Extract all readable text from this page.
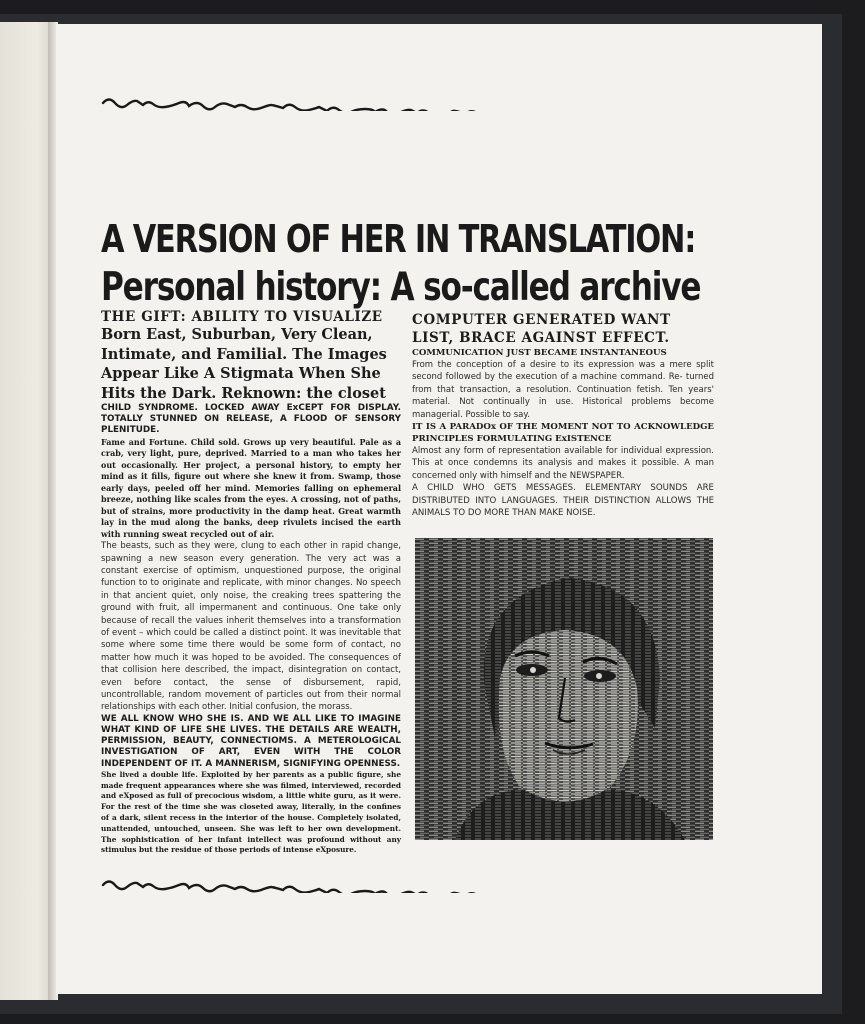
A VERSION OF HER IN TRANSLATION:
Personal history: A so-called archive

THE GIFT: ABILITY TO VISUALIZE

Born East, Suburban, Very Clean, Intimate, and Familial. The Images Appear Like A Stigmata When She Hits the Dark. Reknown: the closet

CHILD SYNDROME. LOCKED AWAY ExCEPT FOR DISPLAY. TOTALLY STUNNED ON RELEASE, A FLOOD OF SENSORY PLENITUDE.

Fame and Fortune. Child sold. Grows up very beautiful. Pale as a crab, very light, pure, deprived. Married to a man who takes her out occasionally. Her project, a personal history, to empty her mind as it fills, figure out where she knew it from. Swamp, those early days, peeled off her mind. Memories falling on ephemeral breeze, nothing like scales from the eyes. A crossing, not of paths, but of strains, more productivity in the damp heat. Great warmth lay in the mud along the banks, deep rivulets incised the earth with running sweat recycled out of air.

The beasts, such as they were, clung to each other in rapid change, spawning a new season every generation. The very act was a constant exercise of optimism, unquestioned purpose, the original function to to originate and replicate, with minor changes. No speech in that ancient quiet, only noise, the creaking trees spattering the ground with fruit, all impermanent and continuous. One take only because of recall the values inherit themselves into a transformation of event – which could be called a distinct point. It was inevitable that some where some time there would be some form of contact, no matter how much it was hoped to be avoided. The consequences of that collision here described, the impact, disintegration on contact, even before contact, the sense of disbursement, rapid, uncontrollable, random movement of particles out from their normal relationships with each other. Initial confusion, the morass.

WE ALL KNOW WHO SHE IS. AND WE ALL LIKE TO IMAGINE WHAT KIND OF LIFE SHE LIVES. THE DETAILS ARE WEALTH, PERMISSION, BEAUTY, CONNECTIOMS. A METEROLOGICAL INVESTIGATION OF ART, EVEN WITH THE COLOR INDEPENDENT OF IT. A MANNERISM, SIGNIFYING OPENNESS.

She lived a double life. Exploited by her parents as a public figure, she made frequent appearances where she was filmed, interviewed, recorded and eXposed as full of precocious wisdom, a little white guru, as it were. For the rest of the time she was closeted away, literally, in the confines of a dark, silent recess in the interior of the house. Completely isolated, unattended, untouched, unseen. She was left to her own development. The sophistication of her infant intellect was profound without any stimulus but the residue of those periods of intense eXposure.

COMPUTER GENERATED WANT LIST, BRACE AGAINST EFFECT.

COMMUNICATION JUST BECAME INSTANTANEOUS

From the conception of a desire to its expression was a mere split second followed by the execution of a machine command. Re- turned from that transaction, a resolution. Continuation fetish. Ten years' material. Not continually in use. Historical problems become managerial. Possible to say.

IT IS A PARADOx OF THE MOMENT NOT TO ACKNOWLEDGE PRINCIPLES FORMULATING ExISTENCE

Almost any form of representation available for individual expression. This at once condemns its analysis and makes it possible. A man concerned only with himself and the NEWSPAPER.

A CHILD WHO GETS MESSAGES. ELEMENTARY SOUNDS ARE DISTRIBUTED INTO LANGUAGES. THEIR DISTINCTION ALLOWS THE ANIMALS TO DO MORE THAN MAKE NOISE.
